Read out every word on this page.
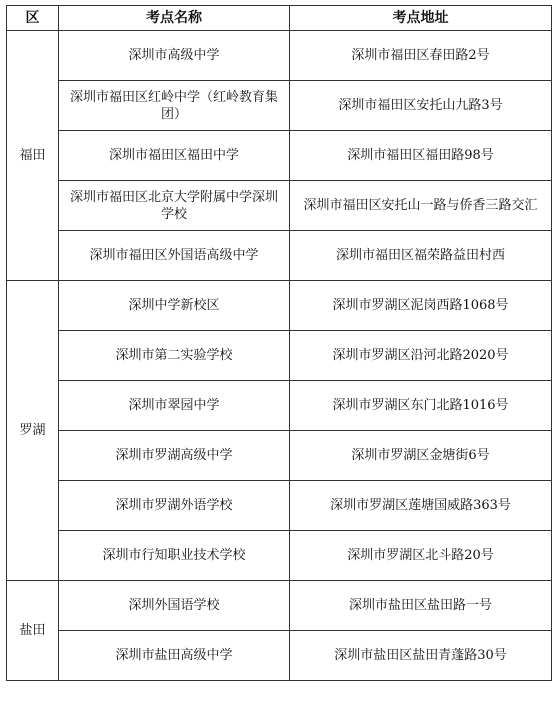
区	考点名称	考点地址
福田	深圳市高级中学	深圳市福田区春田路2号
	深圳市福田区红岭中学（红岭教育集团）	深圳市福田区安托山九路3号
	深圳市福田区福田中学	深圳市福田区福田路98号
	深圳市福田区北京大学附属中学深圳学校	深圳市福田区安托山一路与侨香三路交汇
	深圳市福田区外国语高级中学	深圳市福田区福荣路益田村西
罗湖	深圳中学新校区	深圳市罗湖区泥岗西路1068号
	深圳市第二实验学校	深圳市罗湖区沿河北路2020号
	深圳市翠园中学	深圳市罗湖区东门北路1016号
	深圳市罗湖高级中学	深圳市罗湖区金塘街6号
	深圳市罗湖外语学校	深圳市罗湖区莲塘国威路363号
	深圳市行知职业技术学校	深圳市罗湖区北斗路20号
盐田	深圳外国语学校	深圳市盐田区盐田路一号
	深圳市盐田高级中学	深圳市盐田区盐田青蓬路30号
